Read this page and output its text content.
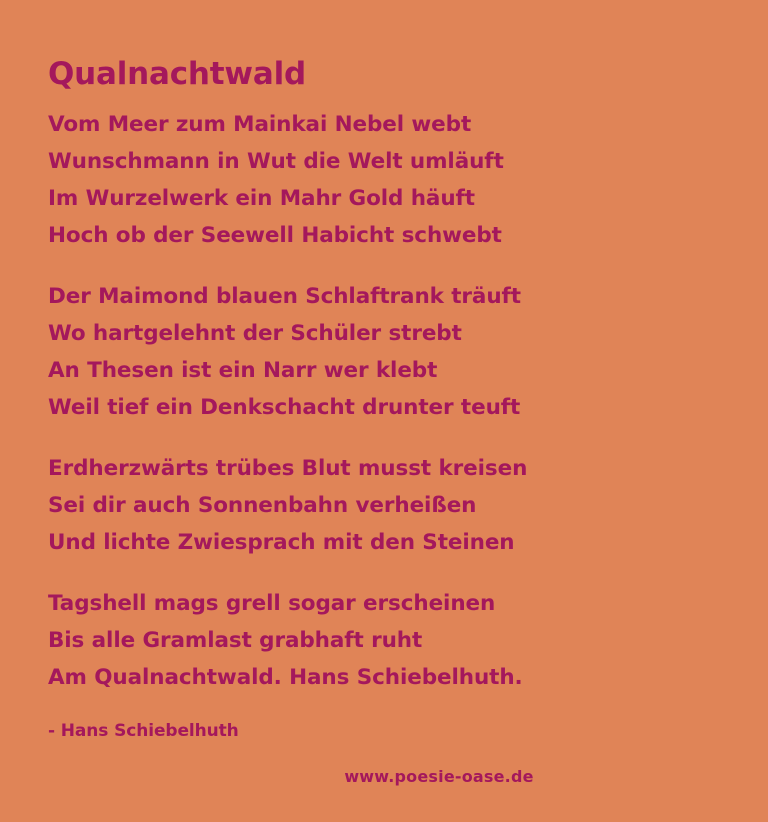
Qualnachtwald
Vom Meer zum Mainkai Nebel webt
Wunschmann in Wut die Welt umläuft
Im Wurzelwerk ein Mahr Gold häuft
Hoch ob der Seewell Habicht schwebt
Der Maimond blauen Schlaftrank träuft
Wo hartgelehnt der Schüler strebt
An Thesen ist ein Narr wer klebt
Weil tief ein Denkschacht drunter teuft
Erdherzwärts trübes Blut musst kreisen
Sei dir auch Sonnenbahn verheißen
Und lichte Zwiesprach mit den Steinen
Tagshell mags grell sogar erscheinen
Bis alle Gramlast grabhaft ruht
Am Qualnachtwald. Hans Schiebelhuth.
- Hans Schiebelhuth
www.poesie-oase.de
